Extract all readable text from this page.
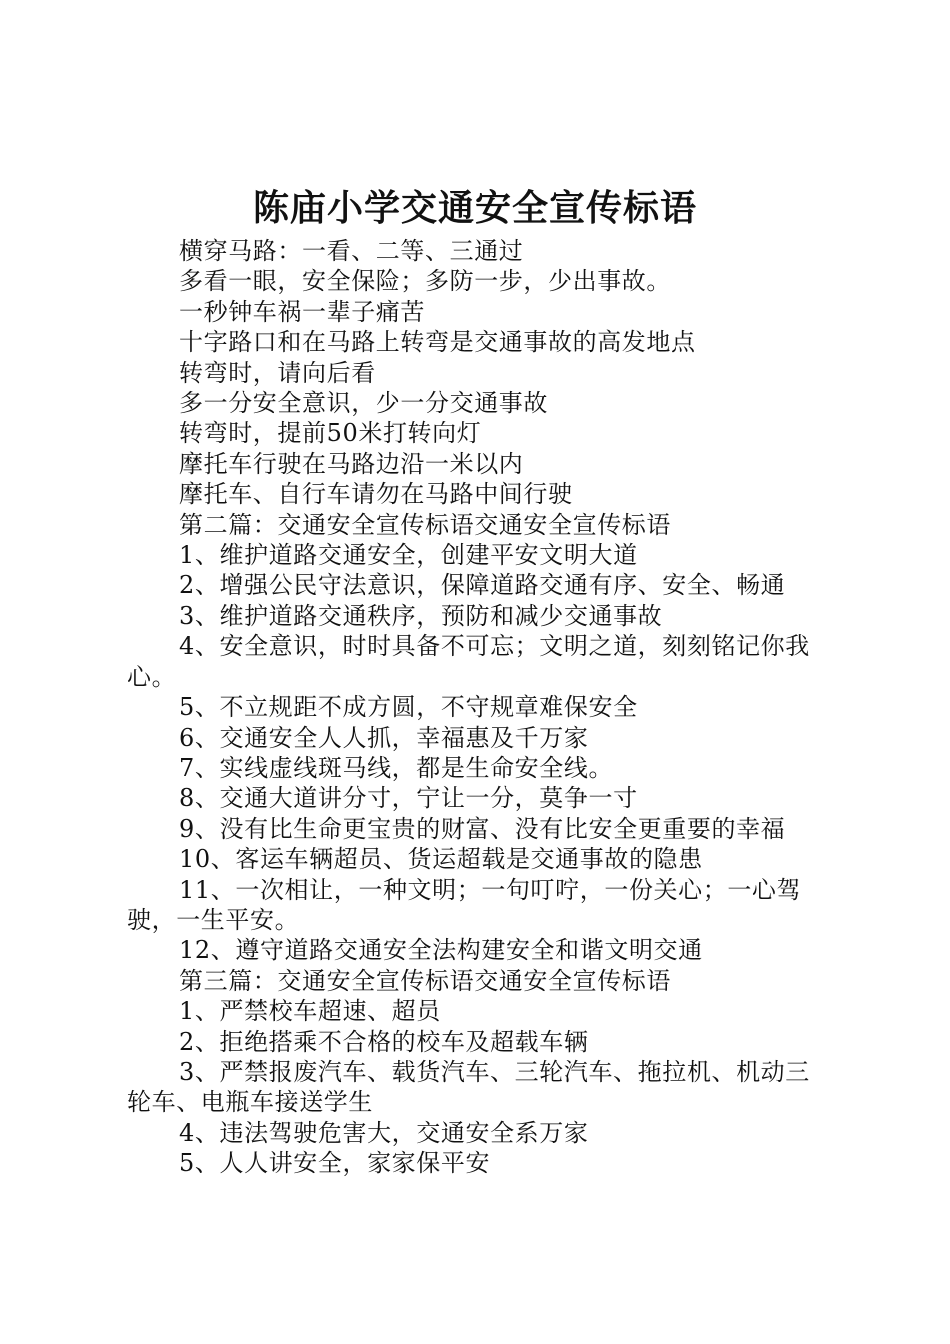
陈庙小学交通安全宣传标语

横穿马路：一看、二等、三通过

多看一眼，安全保险；多防一步，少出事故。

一秒钟车祸一辈子痛苦

十字路口和在马路上转弯是交通事故的高发地点

转弯时，请向后看

多一分安全意识，少一分交通事故

转弯时，提前50米打转向灯

摩托车行驶在马路边沿一米以内

摩托车、自行车请勿在马路中间行驶

第二篇：交通安全宣传标语交通安全宣传标语

1、维护道路交通安全，创建平安文明大道

2、增强公民守法意识，保障道路交通有序、安全、畅通

3、维护道路交通秩序，预防和减少交通事故

4、安全意识，时时具备不可忘；文明之道，刻刻铭记你我心。

5、不立规距不成方圆，不守规章难保安全

6、交通安全人人抓，幸福惠及千万家

7、实线虚线斑马线，都是生命安全线。

8、交通大道讲分寸，宁让一分，莫争一寸

9、没有比生命更宝贵的财富、没有比安全更重要的幸福

10、客运车辆超员、货运超载是交通事故的隐患

11、一次相让，一种文明；一句叮咛，一份关心；一心驾驶，一生平安。

12、遵守道路交通安全法构建安全和谐文明交通

第三篇：交通安全宣传标语交通安全宣传标语

1、严禁校车超速、超员

2、拒绝搭乘不合格的校车及超载车辆

3、严禁报废汽车、载货汽车、三轮汽车、拖拉机、机动三轮车、电瓶车接送学生

4、违法驾驶危害大，交通安全系万家

5、人人讲安全，家家保平安
